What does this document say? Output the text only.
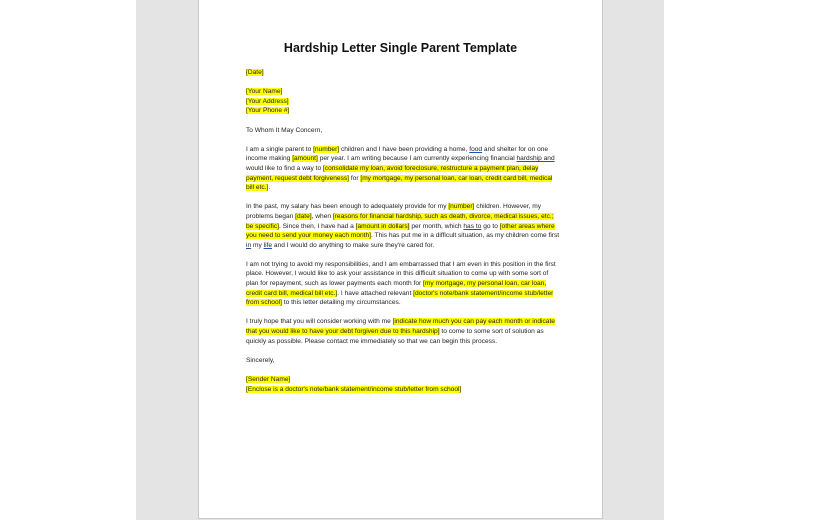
Hardship Letter Single Parent Template

[Date]

[Your Name]
[Your Address]
[Your Phone #]

To Whom It May Concern,

I am a single parent to [number] children and I have been providing a home, food and shelter for on one income making [amount] per year. I am writing because I am currently experiencing financial hardship and would like to find a way to [consolidate my loan, avoid foreclosure, restructure a payment plan, delay payment, request debt forgiveness] for [my mortgage, my personal loan, car loan, credit card bill, medical bill etc.].

In the past, my salary has been enough to adequately provide for my [number] children. However, my problems began [date], when [reasons for financial hardship, such as death, divorce, medical issues, etc.; be specific]. Since then, I have had a [amount in dollars] per month, which has to go to [other areas where you need to send your money each month]. This has put me in a difficult situation, as my children come first in my life and I would do anything to make sure they're cared for.

I am not trying to avoid my responsibilities, and I am embarrassed that I am even in this position in the first place. However, I would like to ask your assistance in this difficult situation to come up with some sort of plan for repayment, such as lower payments each month for [my mortgage, my personal loan, car loan, credit card bill, medical bill etc.]. I have attached relevant [doctor's note/bank statement/income stub/letter from school] to this letter detailing my circumstances.

I truly hope that you will consider working with me [indicate how much you can pay each month or indicate that you would like to have your debt forgiven due to this hardship] to come to some sort of solution as quickly as possible. Please contact me immediately so that we can begin this process.

Sincerely,

[Sender Name]
[Enclose is a doctor's note/bank statement/income stub/letter from school]
